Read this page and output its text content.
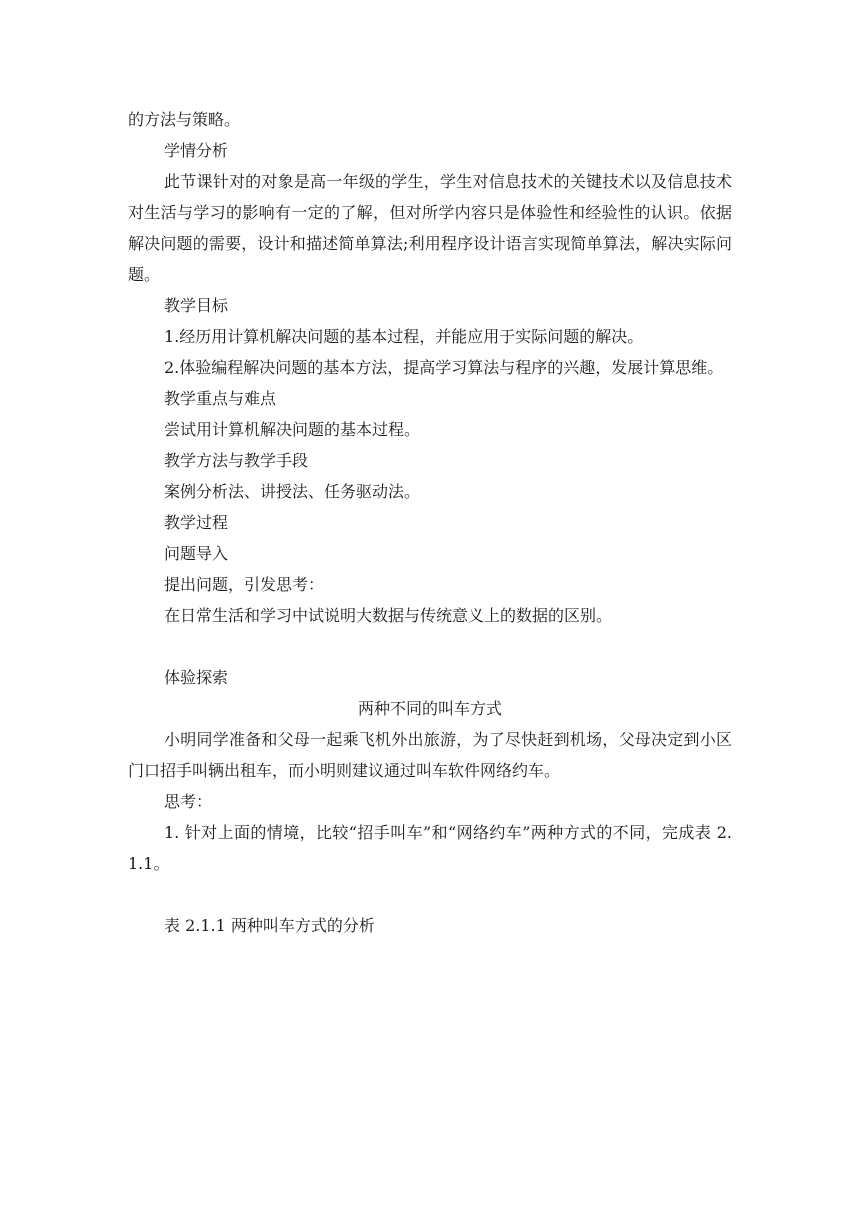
的方法与策略。

学情分析

此节课针对的对象是高一年级的学生，学生对信息技术的关键技术以及信息技术对生活与学习的影响有一定的了解，但对所学内容只是体验性和经验性的认识。依据解决问题的需要，设计和描述简单算法;利用程序设计语言实现简单算法，解决实际问题。

教学目标

1.经历用计算机解决问题的基本过程，并能应用于实际问题的解决。

2.体验编程解决问题的基本方法，提高学习算法与程序的兴趣，发展计算思维。

教学重点与难点

尝试用计算机解决问题的基本过程。

教学方法与教学手段

案例分析法、讲授法、任务驱动法。

教学过程

问题导入

提出问题，引发思考：

在日常生活和学习中试说明大数据与传统意义上的数据的区别。

体验探索

两种不同的叫车方式

小明同学准备和父母一起乘飞机外出旅游，为了尽快赶到机场，父母决定到小区门口招手叫辆出租车，而小明则建议通过叫车软件网络约车。

思考：

1. 针对上面的情境，比较“招手叫车”和“网络约车”两种方式的不同，完成表 2.1.1。

表 2.1.1 两种叫车方式的分析
